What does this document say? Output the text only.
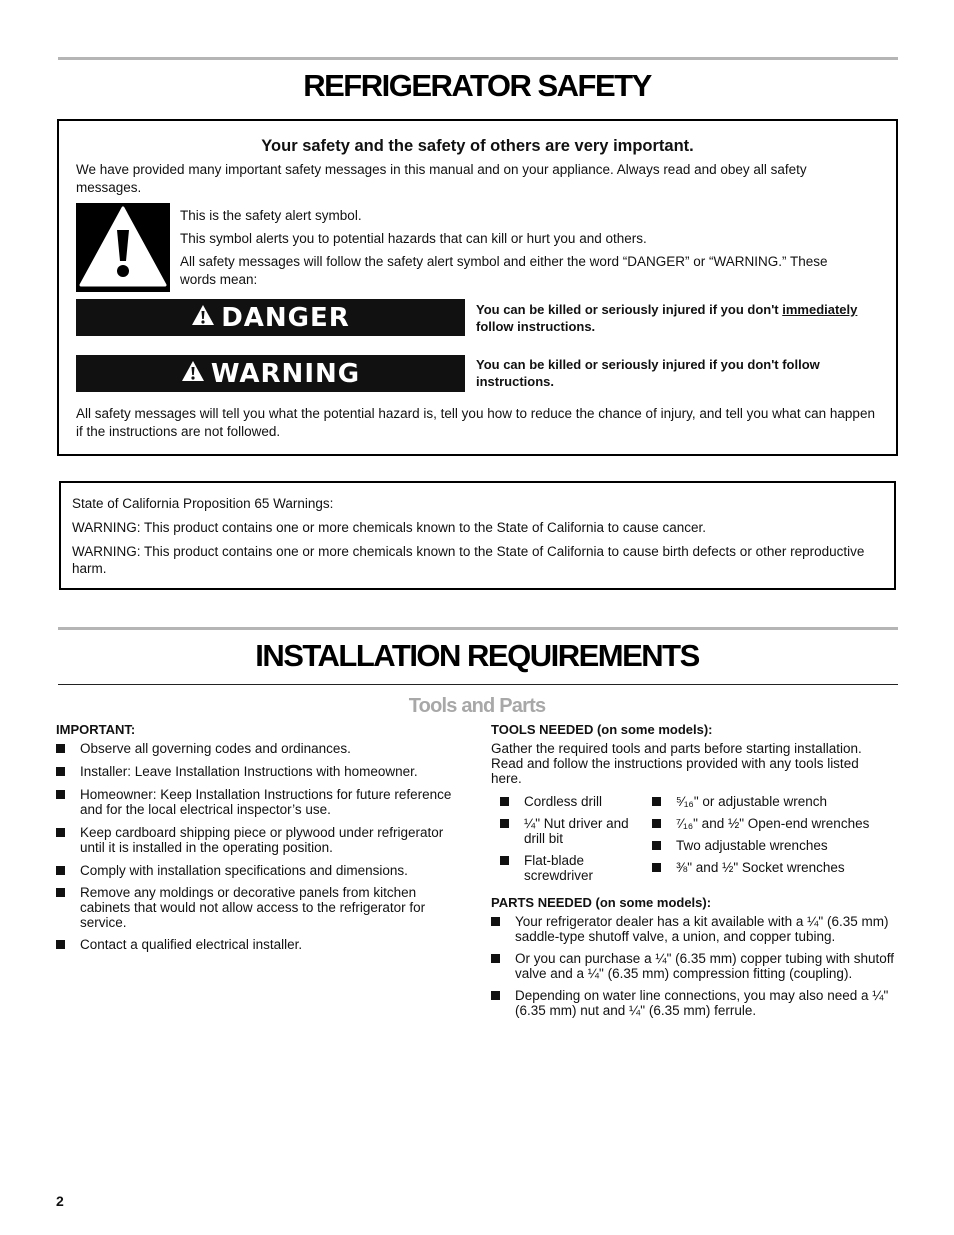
REFRIGERATOR SAFETY
Your safety and the safety of others are very important.
We have provided many important safety messages in this manual and on your appliance. Always read and obey all safety messages.

This is the safety alert symbol.

This symbol alerts you to potential hazards that can kill or hurt you and others.

All safety messages will follow the safety alert symbol and either the word “DANGER” or “WARNING.” These words mean:

DANGER	You can be killed or seriously injured if you don't immediately follow instructions.
WARNING	You can be killed or seriously injured if you don't follow instructions.
All safety messages will tell you what the potential hazard is, tell you how to reduce the chance of injury, and tell you what can happen if the instructions are not followed.

State of California Proposition 65 Warnings:

WARNING: This product contains one or more chemicals known to the State of California to cause cancer.

WARNING: This product contains one or more chemicals known to the State of California to cause birth defects or other reproductive harm.

INSTALLATION REQUIREMENTS
Tools and Parts
IMPORTANT:
Observe all governing codes and ordinances.
Installer: Leave Installation Instructions with homeowner.
Homeowner: Keep Installation Instructions for future reference and for the local electrical inspector’s use.
Keep cardboard shipping piece or plywood under refrigerator until it is installed in the operating position.
Comply with installation specifications and dimensions.
Remove any moldings or decorative panels from kitchen cabinets that would not allow access to the refrigerator for service.
Contact a qualified electrical installer.
TOOLS NEEDED (on some models):
Gather the required tools and parts before starting installation. Read and follow the instructions provided with any tools listed here.
Cordless drill
¼" Nut driver and drill bit
Flat-blade screwdriver
⁵⁄₁₆" or adjustable wrench
⁷⁄₁₆" and ½" Open-end wrenches
Two adjustable wrenches
⅜" and ½" Socket wrenches
PARTS NEEDED (on some models):
Your refrigerator dealer has a kit available with a ¼" (6.35 mm) saddle-type shutoff valve, a union, and copper tubing.
Or you can purchase a ¼" (6.35 mm) copper tubing with shutoff valve and a ¼" (6.35 mm) compression fitting (coupling).
Depending on water line connections, you may also need a ¼" (6.35 mm) nut and ¼" (6.35 mm) ferrule.
2
